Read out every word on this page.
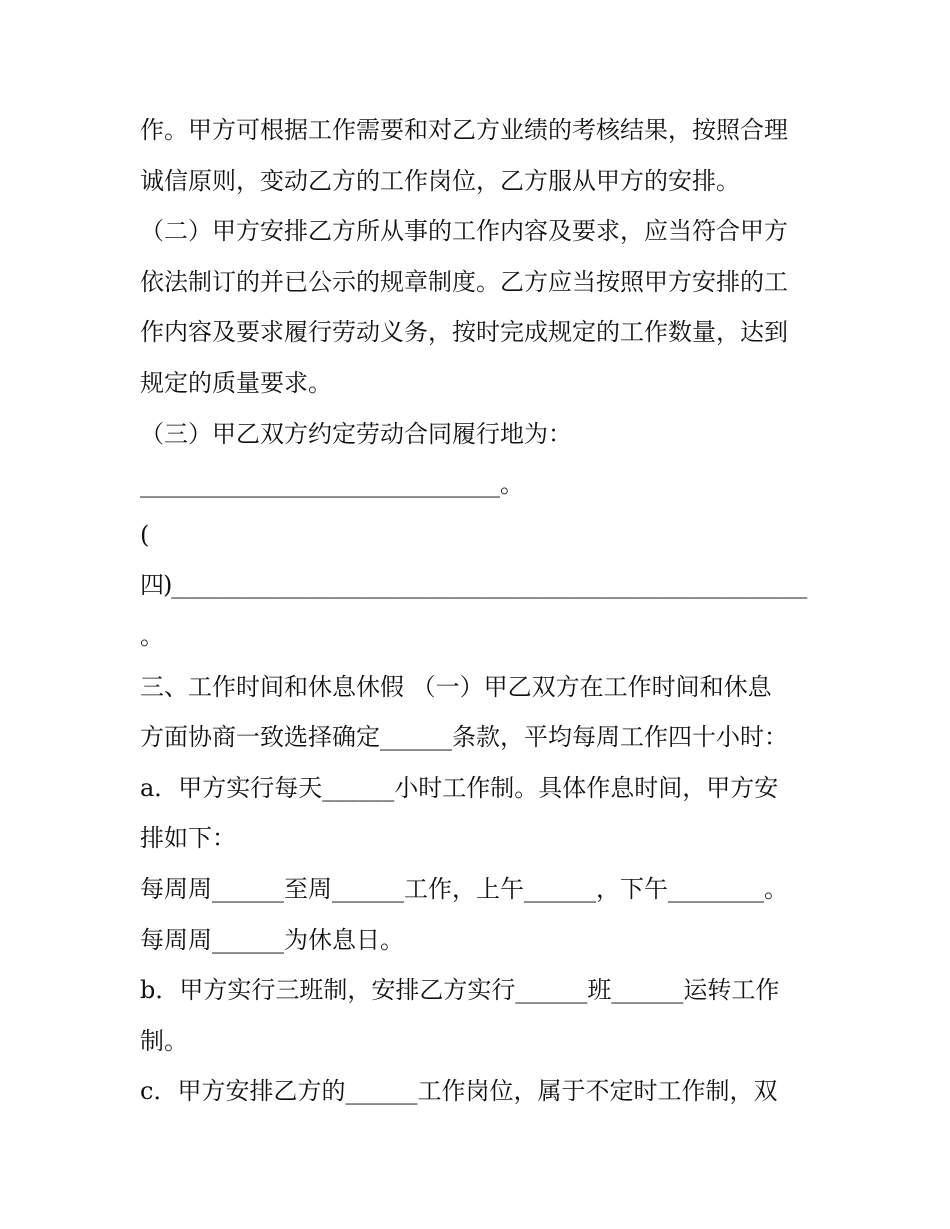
作。甲方可根据工作需要和对乙方业绩的考核结果，按照合理
诚信原则，变动乙方的工作岗位，乙方服从甲方的安排。
（二）甲方安排乙方所从事的工作内容及要求，应当符合甲方
依法制订的并已公示的规章制度。乙方应当按照甲方安排的工
作内容及要求履行劳动义务，按时完成规定的工作数量，达到
规定的质量要求。
（三）甲乙双方约定劳动合同履行地为：
______________________________。
(
四)__________________________________________________________
。
三、工作时间和休息休假 （一）甲乙双方在工作时间和休息
方面协商一致选择确定______条款，平均每周工作四十小时：
a．甲方实行每天______小时工作制。具体作息时间，甲方安
排如下：
每周周______至周______工作，上午______，下午________。
每周周______为休息日。
b．甲方实行三班制，安排乙方实行______班______运转工作
制。
c．甲方安排乙方的______工作岗位，属于不定时工作制，双
